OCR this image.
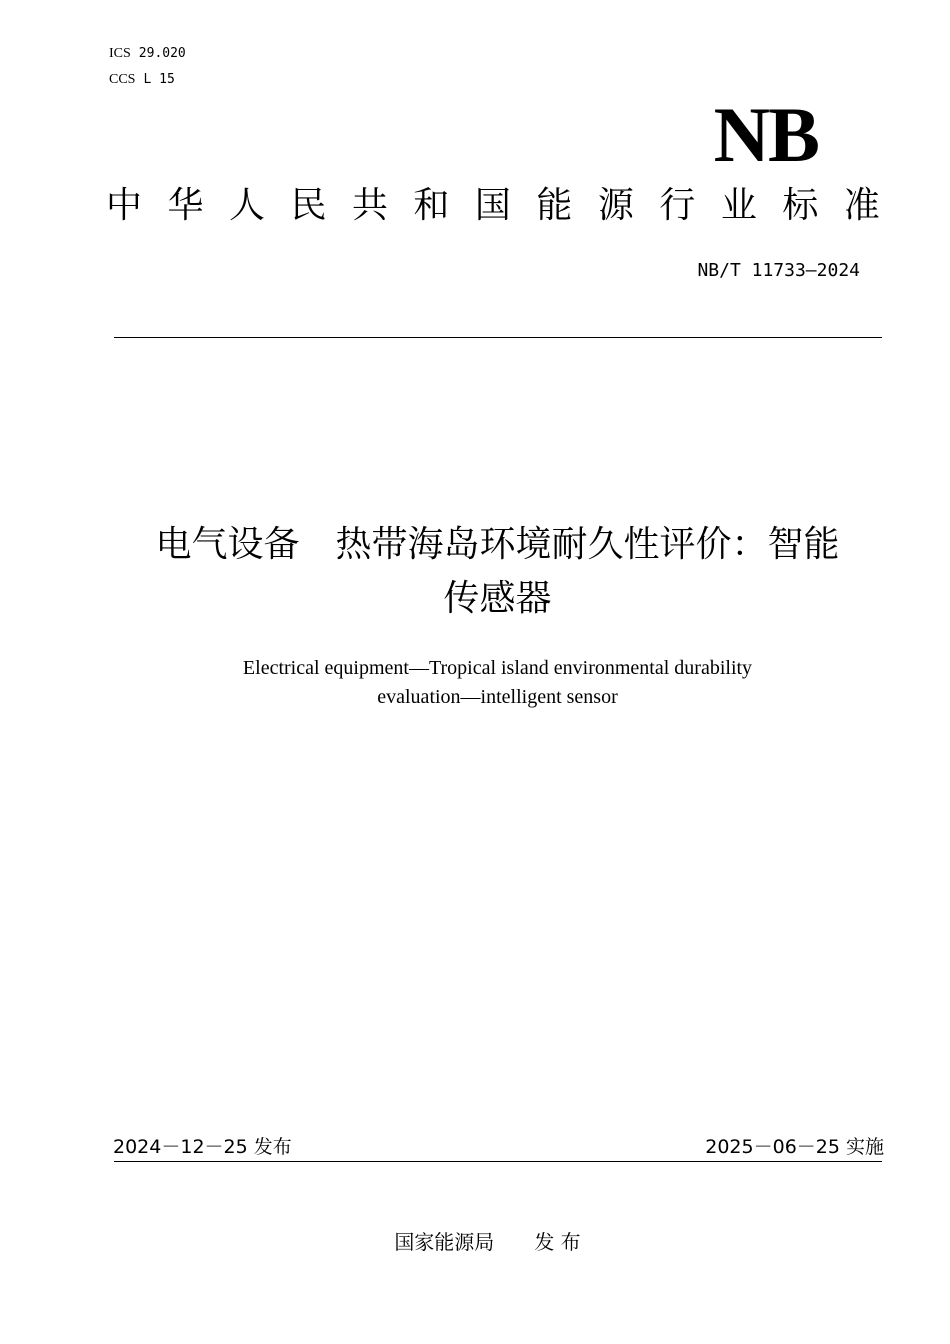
ICS 29.020
CCS L 15
NB
中 华 人 民 共 和 国 能 源 行 业 标 准
NB/T 11733—2024
电气设备　热带海岛环境耐久性评价：智能
传感器
Electrical equipment—Tropical island environmental durability
evaluation—intelligent sensor
2024－12－25 发布	2025－06－25 实施
国家能源局 发 布
